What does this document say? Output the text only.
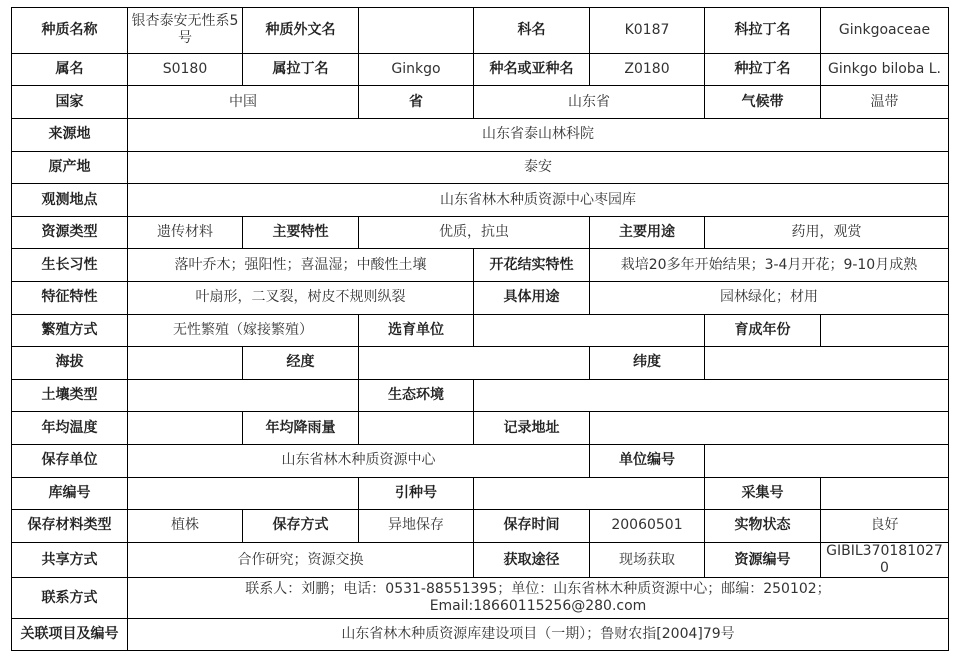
种质名称	银杏泰安无性系5号	种质外文名		科名	K0187	科拉丁名	Ginkgoaceae
属名	S0180	属拉丁名	Ginkgo	种名或亚种名	Z0180	种拉丁名	Ginkgo biloba L.
国家	中国		省	山东省		气候带	温带
来源地	山东省泰山林科院						
原产地	泰安						
观测地点	山东省林木种质资源中心枣园库						
资源类型	遗传材料	主要特性	优质，抗虫		主要用途	药用，观赏	
生长习性	落叶乔木；强阳性；喜温湿；中酸性土壤			开花结实特性	栽培20多年开始结果；3-4月开花；9-10月成熟		
特征特性	叶扇形，二叉裂，树皮不规则纵裂			具体用途	园林绿化；材用		
繁殖方式	无性繁殖（嫁接繁殖）		选育单位			育成年份	
海拔		经度			纬度		
土壤类型			生态环境				
年均温度		年均降雨量		记录地址			
保存单位	山东省林木种质资源中心				单位编号		
库编号			引种号			采集号	
保存材料类型	植株	保存方式	异地保存	保存时间	20060501	实物状态	良好
共享方式	合作研究；资源交换			获取途径	现场获取	资源编号	GIBIL3701810270
联系方式	联系人：刘鹏；电话：0531-88551395；单位：山东省林木种质资源中心；邮编：250102；
Email:18660115256@280.com						

关联项目及编号	山东省林木种质资源库建设项目（一期）；鲁财农指[2004]79号						
